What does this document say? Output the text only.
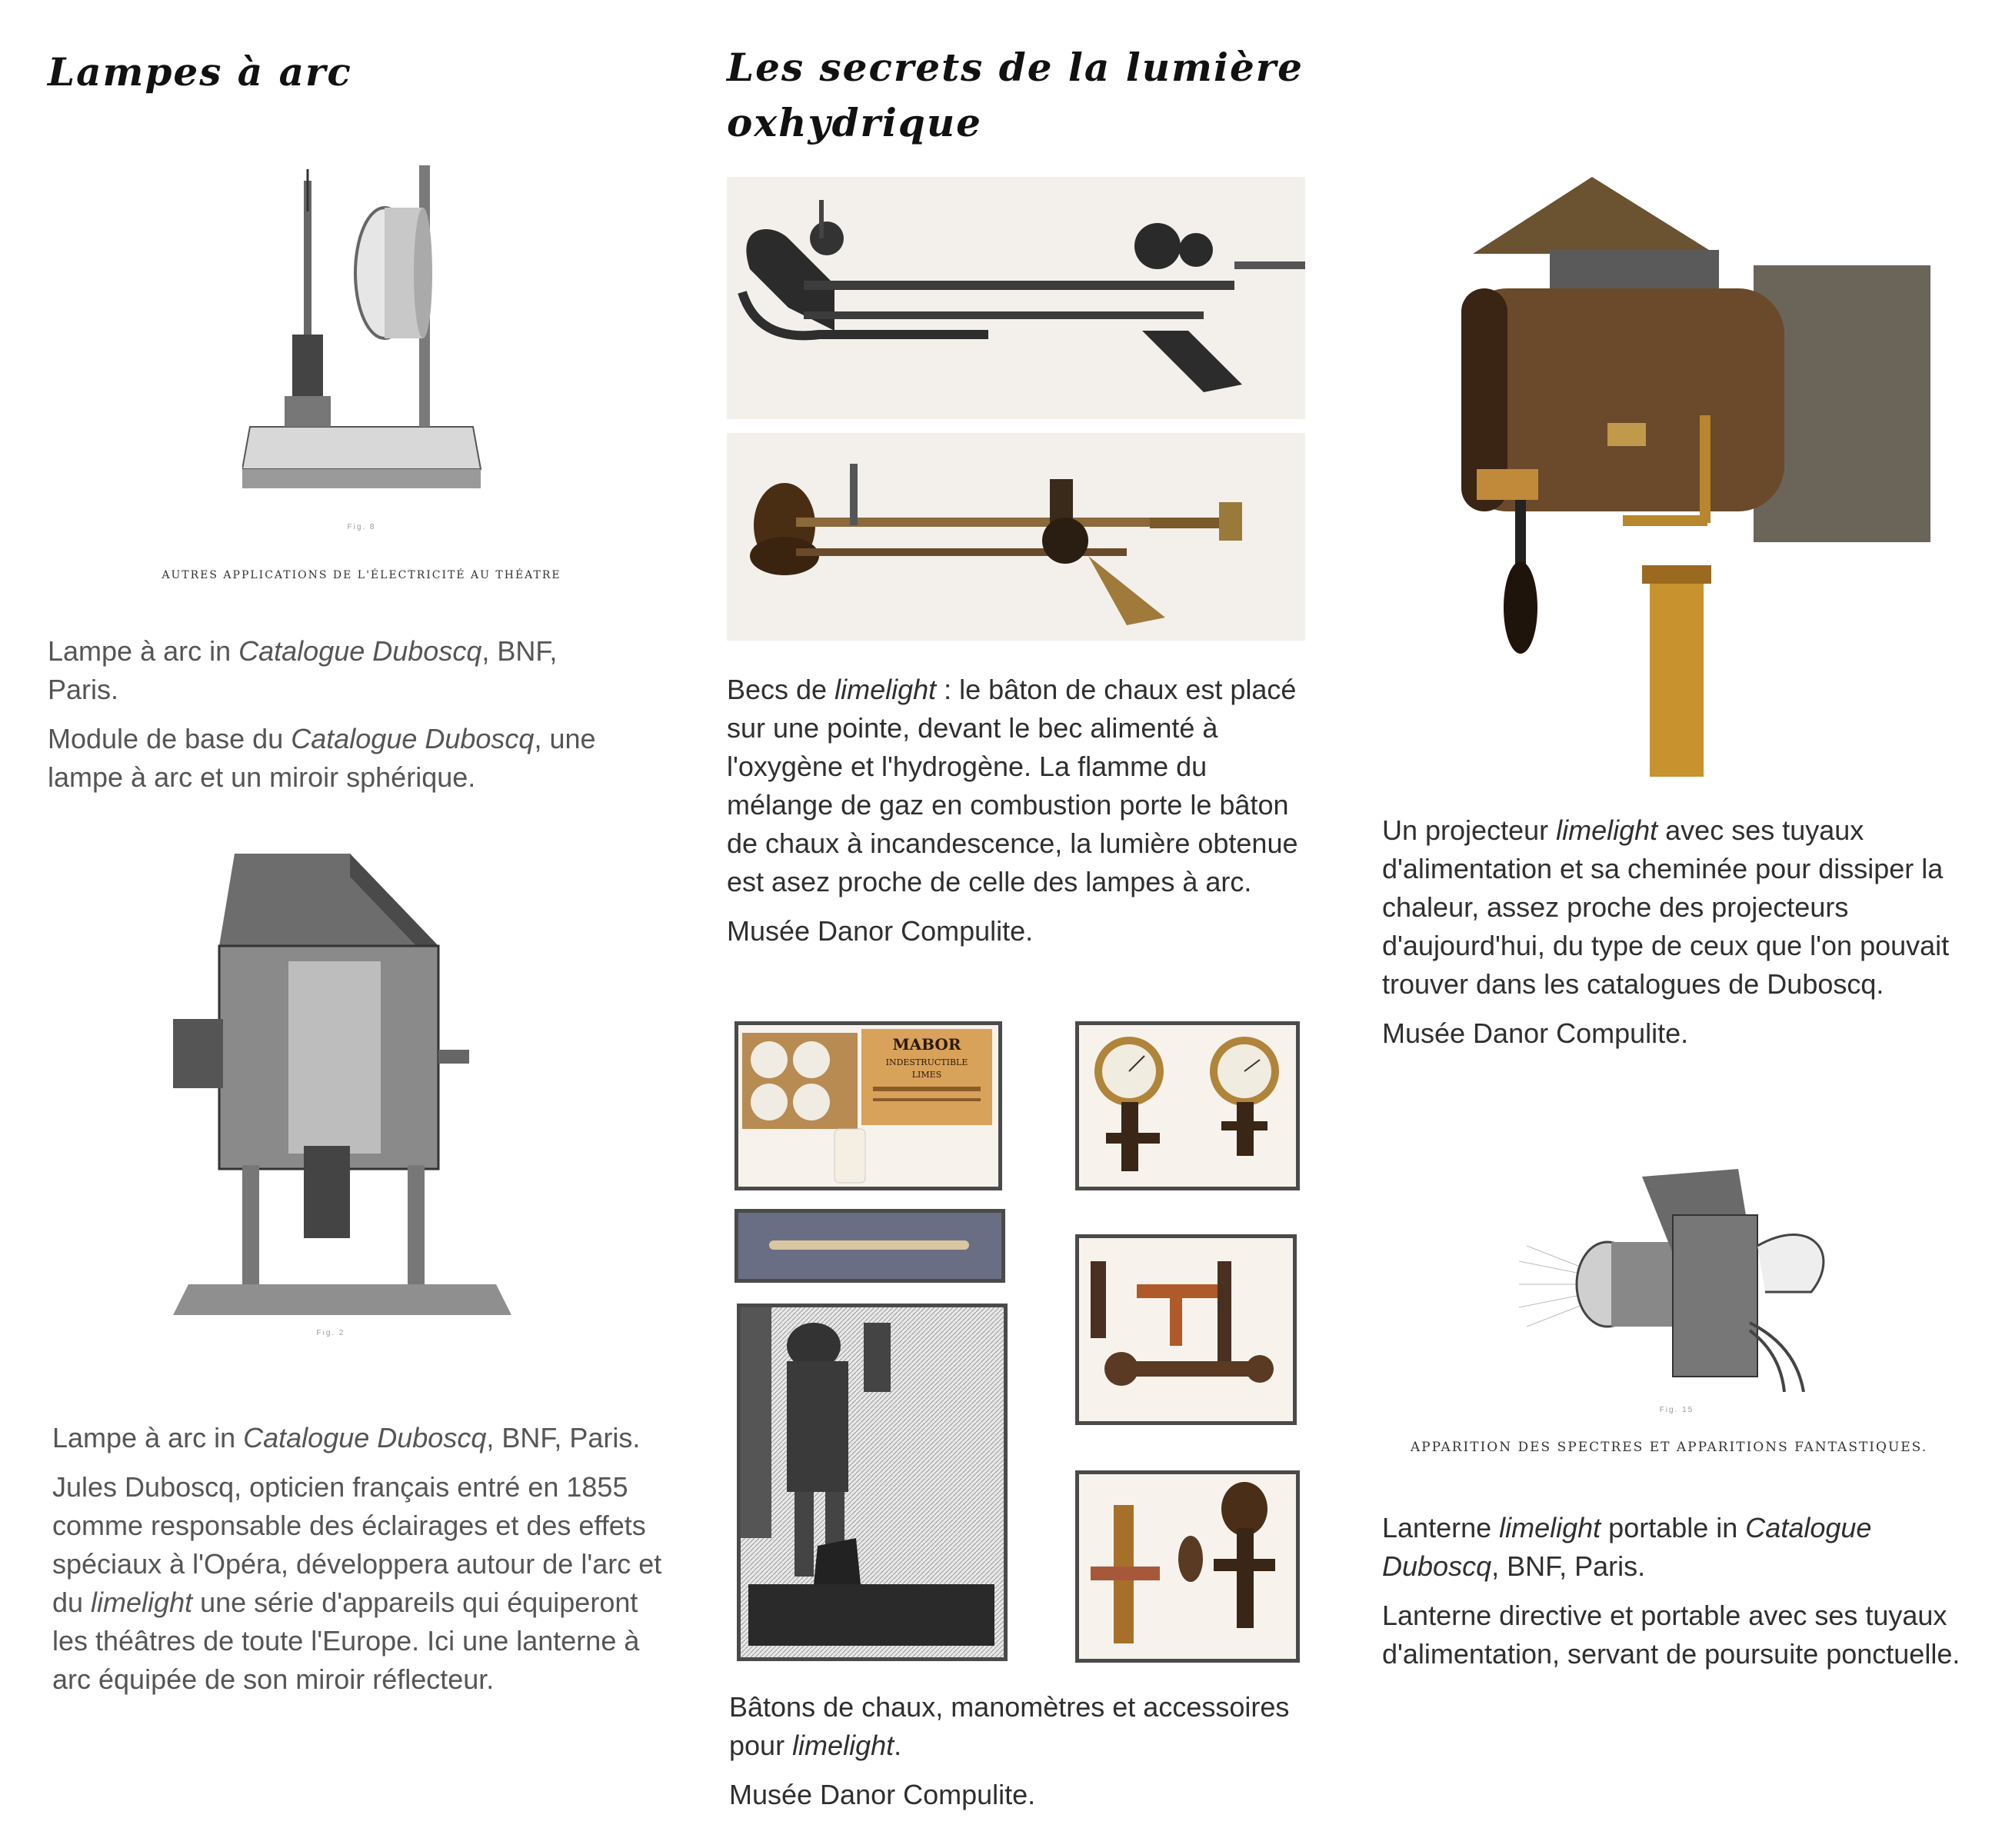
Lampes à arc
Fig. 8
AUTRES APPLICATIONS DE L'ÉLECTRICITÉ AU THÉATRE

Lampe à arc in Catalogue Duboscq, BNF, Paris.

Module de base du Catalogue Duboscq, une lampe à arc et un miroir sphérique.

Fig. 2

Lampe à arc in Catalogue Duboscq, BNF, Paris.

Jules Duboscq, opticien français entré en 1855 comme responsable des éclairages et des effets spéciaux à l'Opéra, développera autour de l'arc et du limelight une série d'appareils qui équiperont les théâtres de toute l'Europe. Ici une lanterne à arc équipée de son miroir réflecteur.

Les secrets de la lumière
oxhydrique

Becs de limelight : le bâton de chaux est placé sur une pointe, devant le bec alimenté à l'oxygène et l'hydrogène. La flamme du mélange de gaz en combustion porte le bâton de chaux à incandescence, la lumière obtenue est asez proche de celle des lampes à arc.

Musée Danor Compulite.

MABOR
INDESTRUCTIBLE
LIMES

Bâtons de chaux, manomètres et accessoires pour limelight.

Musée Danor Compulite.

Un projecteur limelight avec ses tuyaux d'alimentation et sa cheminée pour dissiper la chaleur, assez proche des projecteurs d'aujourd'hui, du type de ceux que l'on pouvait trouver dans les catalogues de Duboscq.

Musée Danor Compulite.

Fig. 15
APPARITION DES SPECTRES ET APPARITIONS FANTASTIQUES.

Lanterne limelight portable in Catalogue Duboscq, BNF, Paris.

Lanterne directive et portable avec ses tuyaux d'alimentation, servant de poursuite ponctuelle.
